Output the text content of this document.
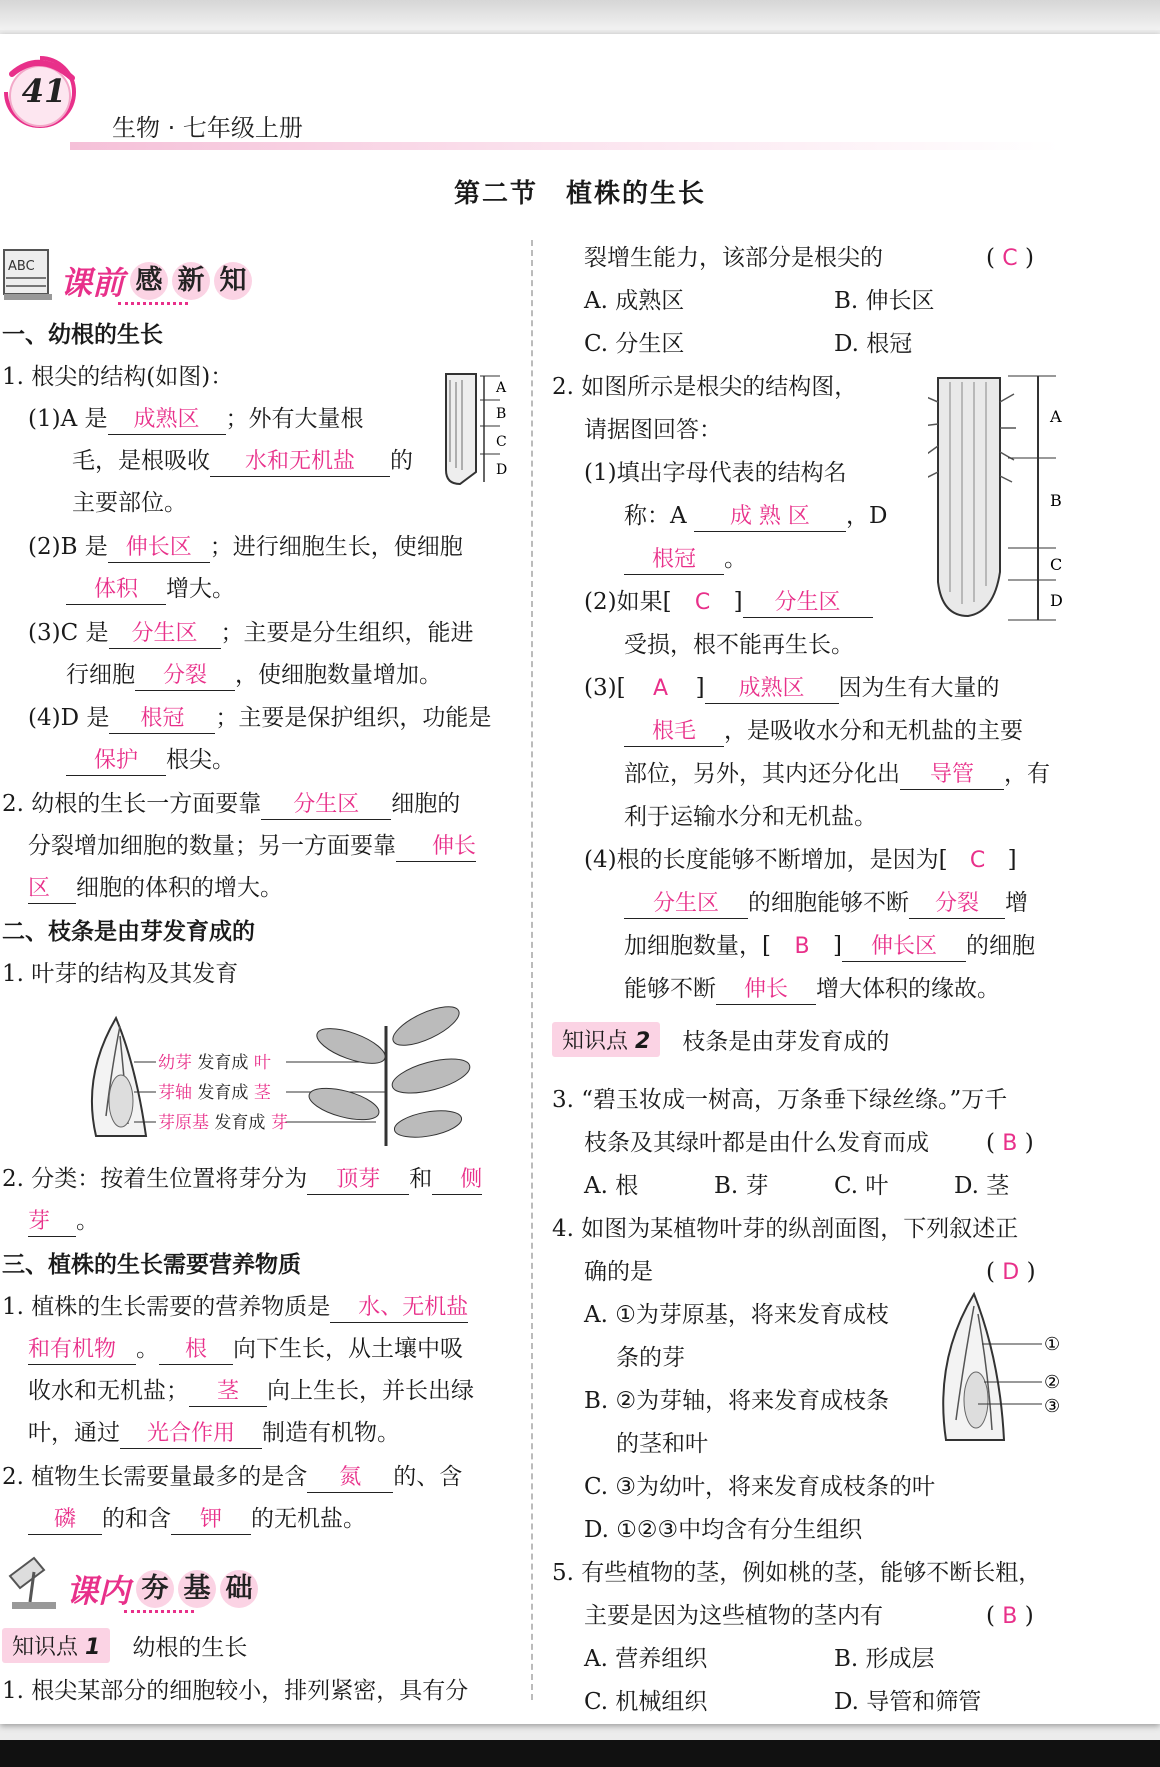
41
生物 · 七年级上册
第二节　植株的生长
ABC 课前 感 新 知
一、幼根的生长
1. 根尖的结构(如图)：
(1)A 是 成熟区 ；外有大量根
毛，是根吸收 水和无机盐 的
主要部位。
(2)B 是 伸长区 ；进行细胞生长，使细胞
体积 增大。
(3)C 是 分生区 ；主要是分生组织，能进
行细胞 分裂 ，使细胞数量增加。
(4)D 是 根冠 ；主要是保护组织，功能是
保护 根尖。
2. 幼根的生长一方面要靠 分生区 细胞的
分裂增加细胞的数量；另一方面要靠 伸长
区 细胞的体积的增大。
二、枝条是由芽发育成的
1. 叶芽的结构及其发育
2. 分类：按着生位置将芽分为 顶芽 和 侧
芽 。
三、植株的生长需要营养物质
1. 植株的生长需要的营养物质是 水、无机盐
和有机物 。 根 向下生长，从土壤中吸
收水和无机盐； 茎 向上生长，并长出绿
叶，通过 光合作用 制造有机物。
2. 植物生长需要量最多的是含 氮 的、含
磷 的和含 钾 的无机盐。
1. 根尖某部分的细胞较小，排列紧密，具有分
A
B
C
D
幼芽 发育成 叶
芽轴 发育成 茎
芽原基 发育成 芽
课内 夯 基 础
知识点 1	幼根的生长
裂增生能力，该部分是根尖的	( C )
A. 成熟区	B. 伸长区
C. 分生区	D. 根冠
2. 如图所示是根尖的结构图，
请据图回答：
(1)填出字母代表的结构名
称：A 成 熟 区 ，D
根冠 。
(2)如果[ C ] 分生区
受损，根不能再生长。
(3)[ A ] 成熟区 因为生有大量的
根毛 ，是吸收水分和无机盐的主要
部位，另外，其内还分化出 导管 ，有
利于运输水分和无机盐。
(4)根的长度能够不断增加，是因为[ C ]
分生区 的细胞能够不断 分裂 增
加细胞数量，[ B ] 伸长区 的细胞
能够不断 伸长 增大体积的缘故。
3. “碧玉妆成一树高，万条垂下绿丝绦。”万千
枝条及其绿叶都是由什么发育而成 ( B )
A. 根	B. 芽	C. 叶	D. 茎
4. 如图为某植物叶芽的纵剖面图，下列叙述正
确的是	( D )
A. ①为芽原基，将来发育成枝
条的芽
B. ②为芽轴，将来发育成枝条
的茎和叶
C. ③为幼叶，将来发育成枝条的叶
D. ①②③中均含有分生组织
5. 有些植物的茎，例如桃的茎，能够不断长粗，
主要是因为这些植物的茎内有	( B )
A. 营养组织	B. 形成层
C. 机械组织	D. 导管和筛管
A
B
C
D
知识点 2	枝条是由芽发育成的
①
②
③
